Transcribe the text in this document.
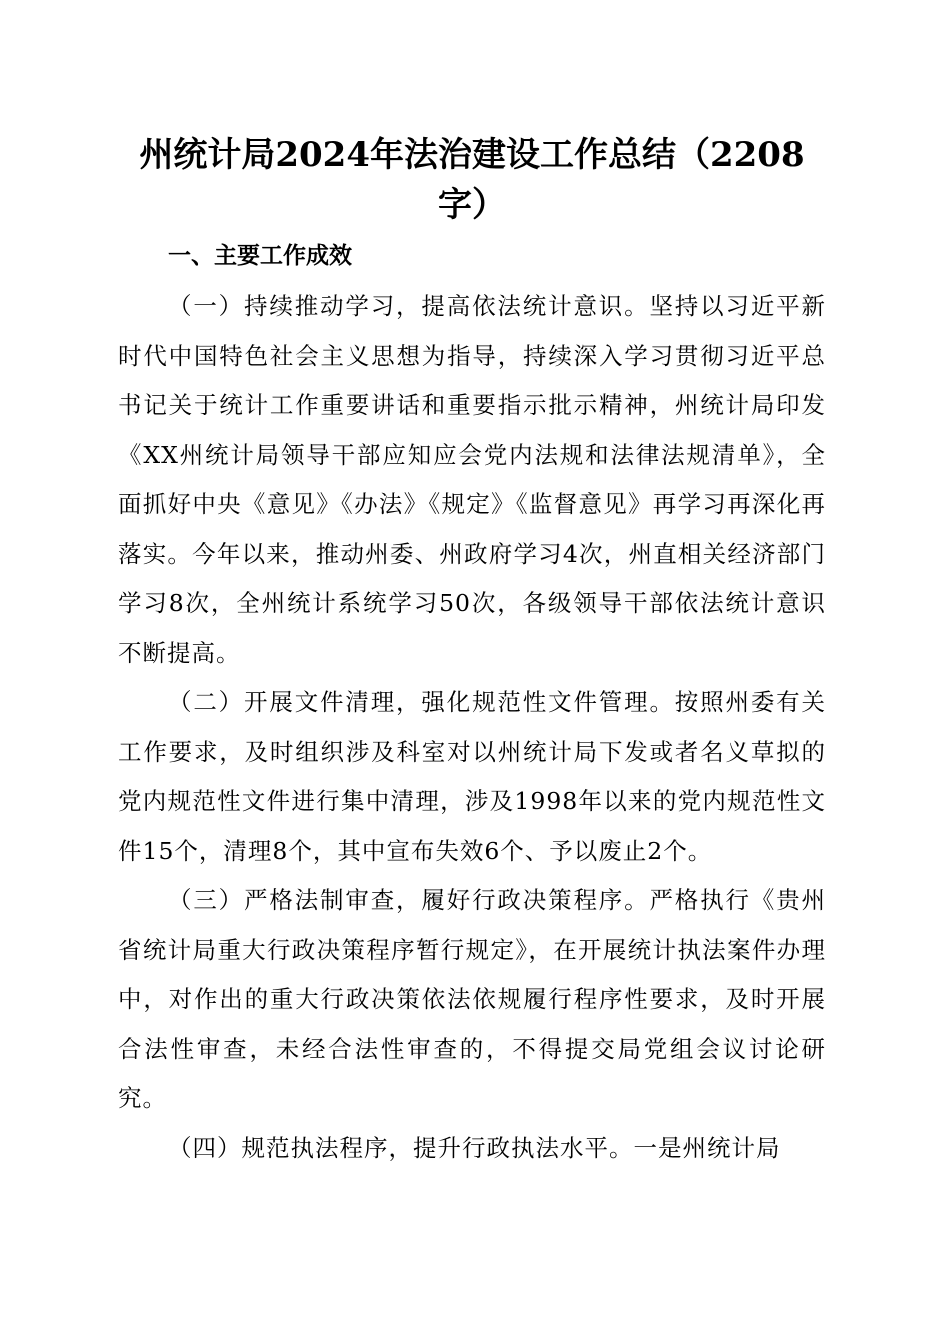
州统计局2024年法治建设工作总结（2208字）
一、主要工作成效

（一）持续推动学习，提高依法统计意识。坚持以习近平新时代中国特色社会主义思想为指导，持续深入学习贯彻习近平总书记关于统计工作重要讲话和重要指示批示精神，州统计局印发《XX州统计局领导干部应知应会党内法规和法律法规清单》，全面抓好中央《意见》《办法》《规定》《监督意见》再学习再深化再落实。今年以来，推动州委、州政府学习4次，州直相关经济部门学习8次，全州统计系统学习50次，各级领导干部依法统计意识不断提高。

（二）开展文件清理，强化规范性文件管理。按照州委有关工作要求，及时组织涉及科室对以州统计局下发或者名义草拟的党内规范性文件进行集中清理，涉及1998年以来的党内规范性文件15个，清理8个，其中宣布失效6个、予以废止2个。

（三）严格法制审查，履好行政决策程序。严格执行《贵州省统计局重大行政决策程序暂行规定》，在开展统计执法案件办理中，对作出的重大行政决策依法依规履行程序性要求，及时开展合法性审查，未经合法性审查的，不得提交局党组会议讨论研究。

（四）规范执法程序，提升行政执法水平。一是州统计局
